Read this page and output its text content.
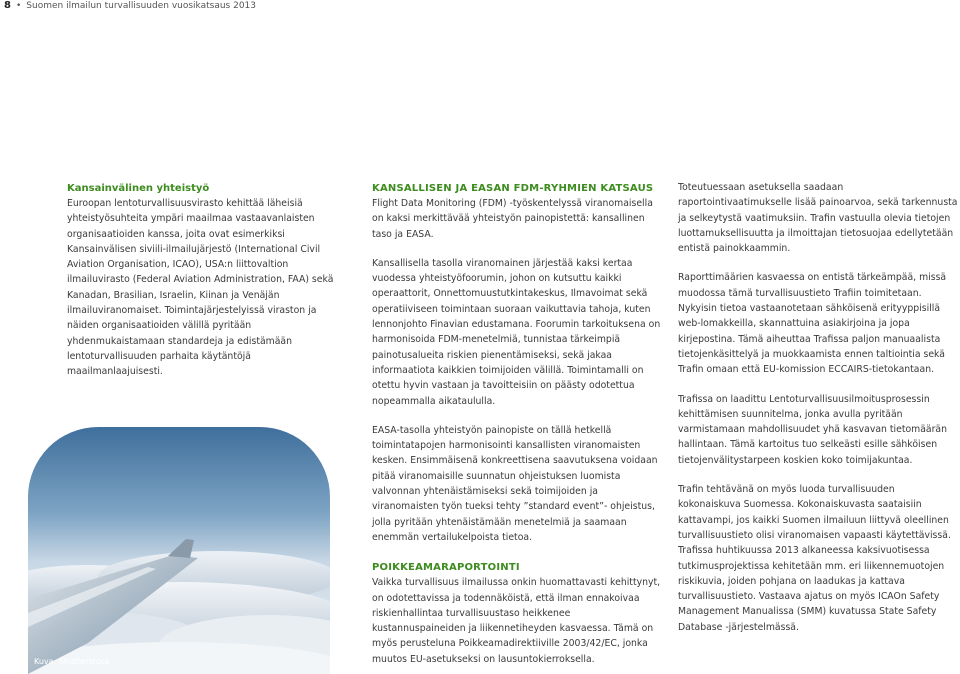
8 • Suomen ilmailun turvallisuuden vuosikatsaus 2013
Kansainvälinen yhteistyö

Euroopan lentoturvallisuusvirasto kehittää läheisiä yhteistyösuhteita ympäri maailmaa vastaavanlaisten organisaatioiden kanssa, joita ovat esimerkiksi Kansainvälisen siviili-ilmailujärjestö (International Civil Aviation Organisation, ICAO), USA:n liittovaltion ilmailuvirasto (Federal Aviation Administration, FAA) sekä Kanadan, Brasilian, Israelin, Kiinan ja Venäjän ilmailuviranomaiset. Toimintajärjestelyissä viraston ja näiden organisaatioiden välillä pyritään yhdenmukaistamaan standardeja ja edistämään lentoturvallisuuden parhaita käytäntöjä maailmanlaajuisesti.

Kuva: Shutterstock
KANSALLISEN JA EASAN FDM-RYHMIEN KATSAUS

Flight Data Monitoring (FDM) -työskentelyssä viranomaisella on kaksi merkittävää yhteistyön painopistettä: kansallinen taso ja EASA.

Kansallisella tasolla viranomainen järjestää kaksi kertaa vuodessa yhteistyöfoorumin, johon on kutsuttu kaikki operaattorit, Onnettomuustutkintakeskus, Ilmavoimat sekä operatiiviseen toimintaan suoraan vaikuttavia tahoja, kuten lennonjohto Finavian edustamana. Foorumin tarkoituksena on harmonisoida FDM-menetelmiä, tunnistaa tärkeimpiä painotusalueita riskien pienentämiseksi, sekä jakaa informaatiota kaikkien toimijoiden välillä. Toimintamalli on otettu hyvin vastaan ja tavoitteisiin on päästy odotettua nopeammalla aikataululla.

EASA-tasolla yhteistyön painopiste on tällä hetkellä toimintatapojen harmonisointi kansallisten viranomaisten kesken. Ensimmäisenä konkreettisena saavutuksena voidaan pitää viranomaisille suunnatun ohjeistuksen luomista valvonnan yhtenäistämiseksi sekä toimijoiden ja viranomaisten työn tueksi tehty ”standard event”- ohjeistus, jolla pyritään yhtenäistämään menetelmiä ja saamaan enemmän vertailukelpoista tietoa.

POIKKEAMARAPORTOINTI

Vaikka turvallisuus ilmailussa onkin huomattavasti kehittynyt, on odotettavissa ja todennäköistä, että ilman ennakoivaa riskienhallintaa turvallisuustaso heikkenee kustannuspaineiden ja liikennetiheyden kasvaessa. Tämä on myös perusteluna Poikkeamadirektiiville 2003/42/EC, jonka muutos EU-asetukseksi on lausuntokierroksella.

Toteutuessaan asetuksella saadaan raportointivaatimukselle lisää painoarvoa, sekä tarkennusta ja selkeytystä vaatimuksiin. Trafin vastuulla olevia tietojen luottamuksellisuutta ja ilmoittajan tietosuojaa edellytetään entistä painokkaammin.

Raporttimäärien kasvaessa on entistä tärkeämpää, missä muodossa tämä turvallisuustieto Trafiin toimitetaan. Nykyisin tietoa vastaanotetaan sähköisenä erityyppisillä web-lomakkeilla, skannattuina asiakirjoina ja jopa kirjepostina. Tämä aiheuttaa Trafissa paljon manuaalista tietojenkäsittelyä ja muokkaamista ennen taltiointia sekä Trafin omaan että EU-komission ECCAIRS-tietokantaan.

Trafissa on laadittu Lentoturvallisuusilmoitusprosessin kehittämisen suunnitelma, jonka avulla pyritään varmistamaan mahdollisuudet yhä kasvavan tietomäärän hallintaan. Tämä kartoitus tuo selkeästi esille sähköisen tietojenvälitystarpeen koskien koko toimijakuntaa.

Trafin tehtävänä on myös luoda turvallisuuden kokonaiskuva Suomessa. Kokonaiskuvasta saataisiin kattavampi, jos kaikki Suomen ilmailuun liittyvä oleellinen turvallisuustieto olisi viranomaisen vapaasti käytettävissä. Trafissa huhtikuussa 2013 alkaneessa kaksivuotisessa tutkimusprojektissa kehitetään mm. eri liikennemuotojen riskikuvia, joiden pohjana on laadukas ja kattava turvallisuustieto. Vastaava ajatus on myös ICAOn Safety Management Manualissa (SMM) kuvatussa State Safety Database -järjestelmässä.
